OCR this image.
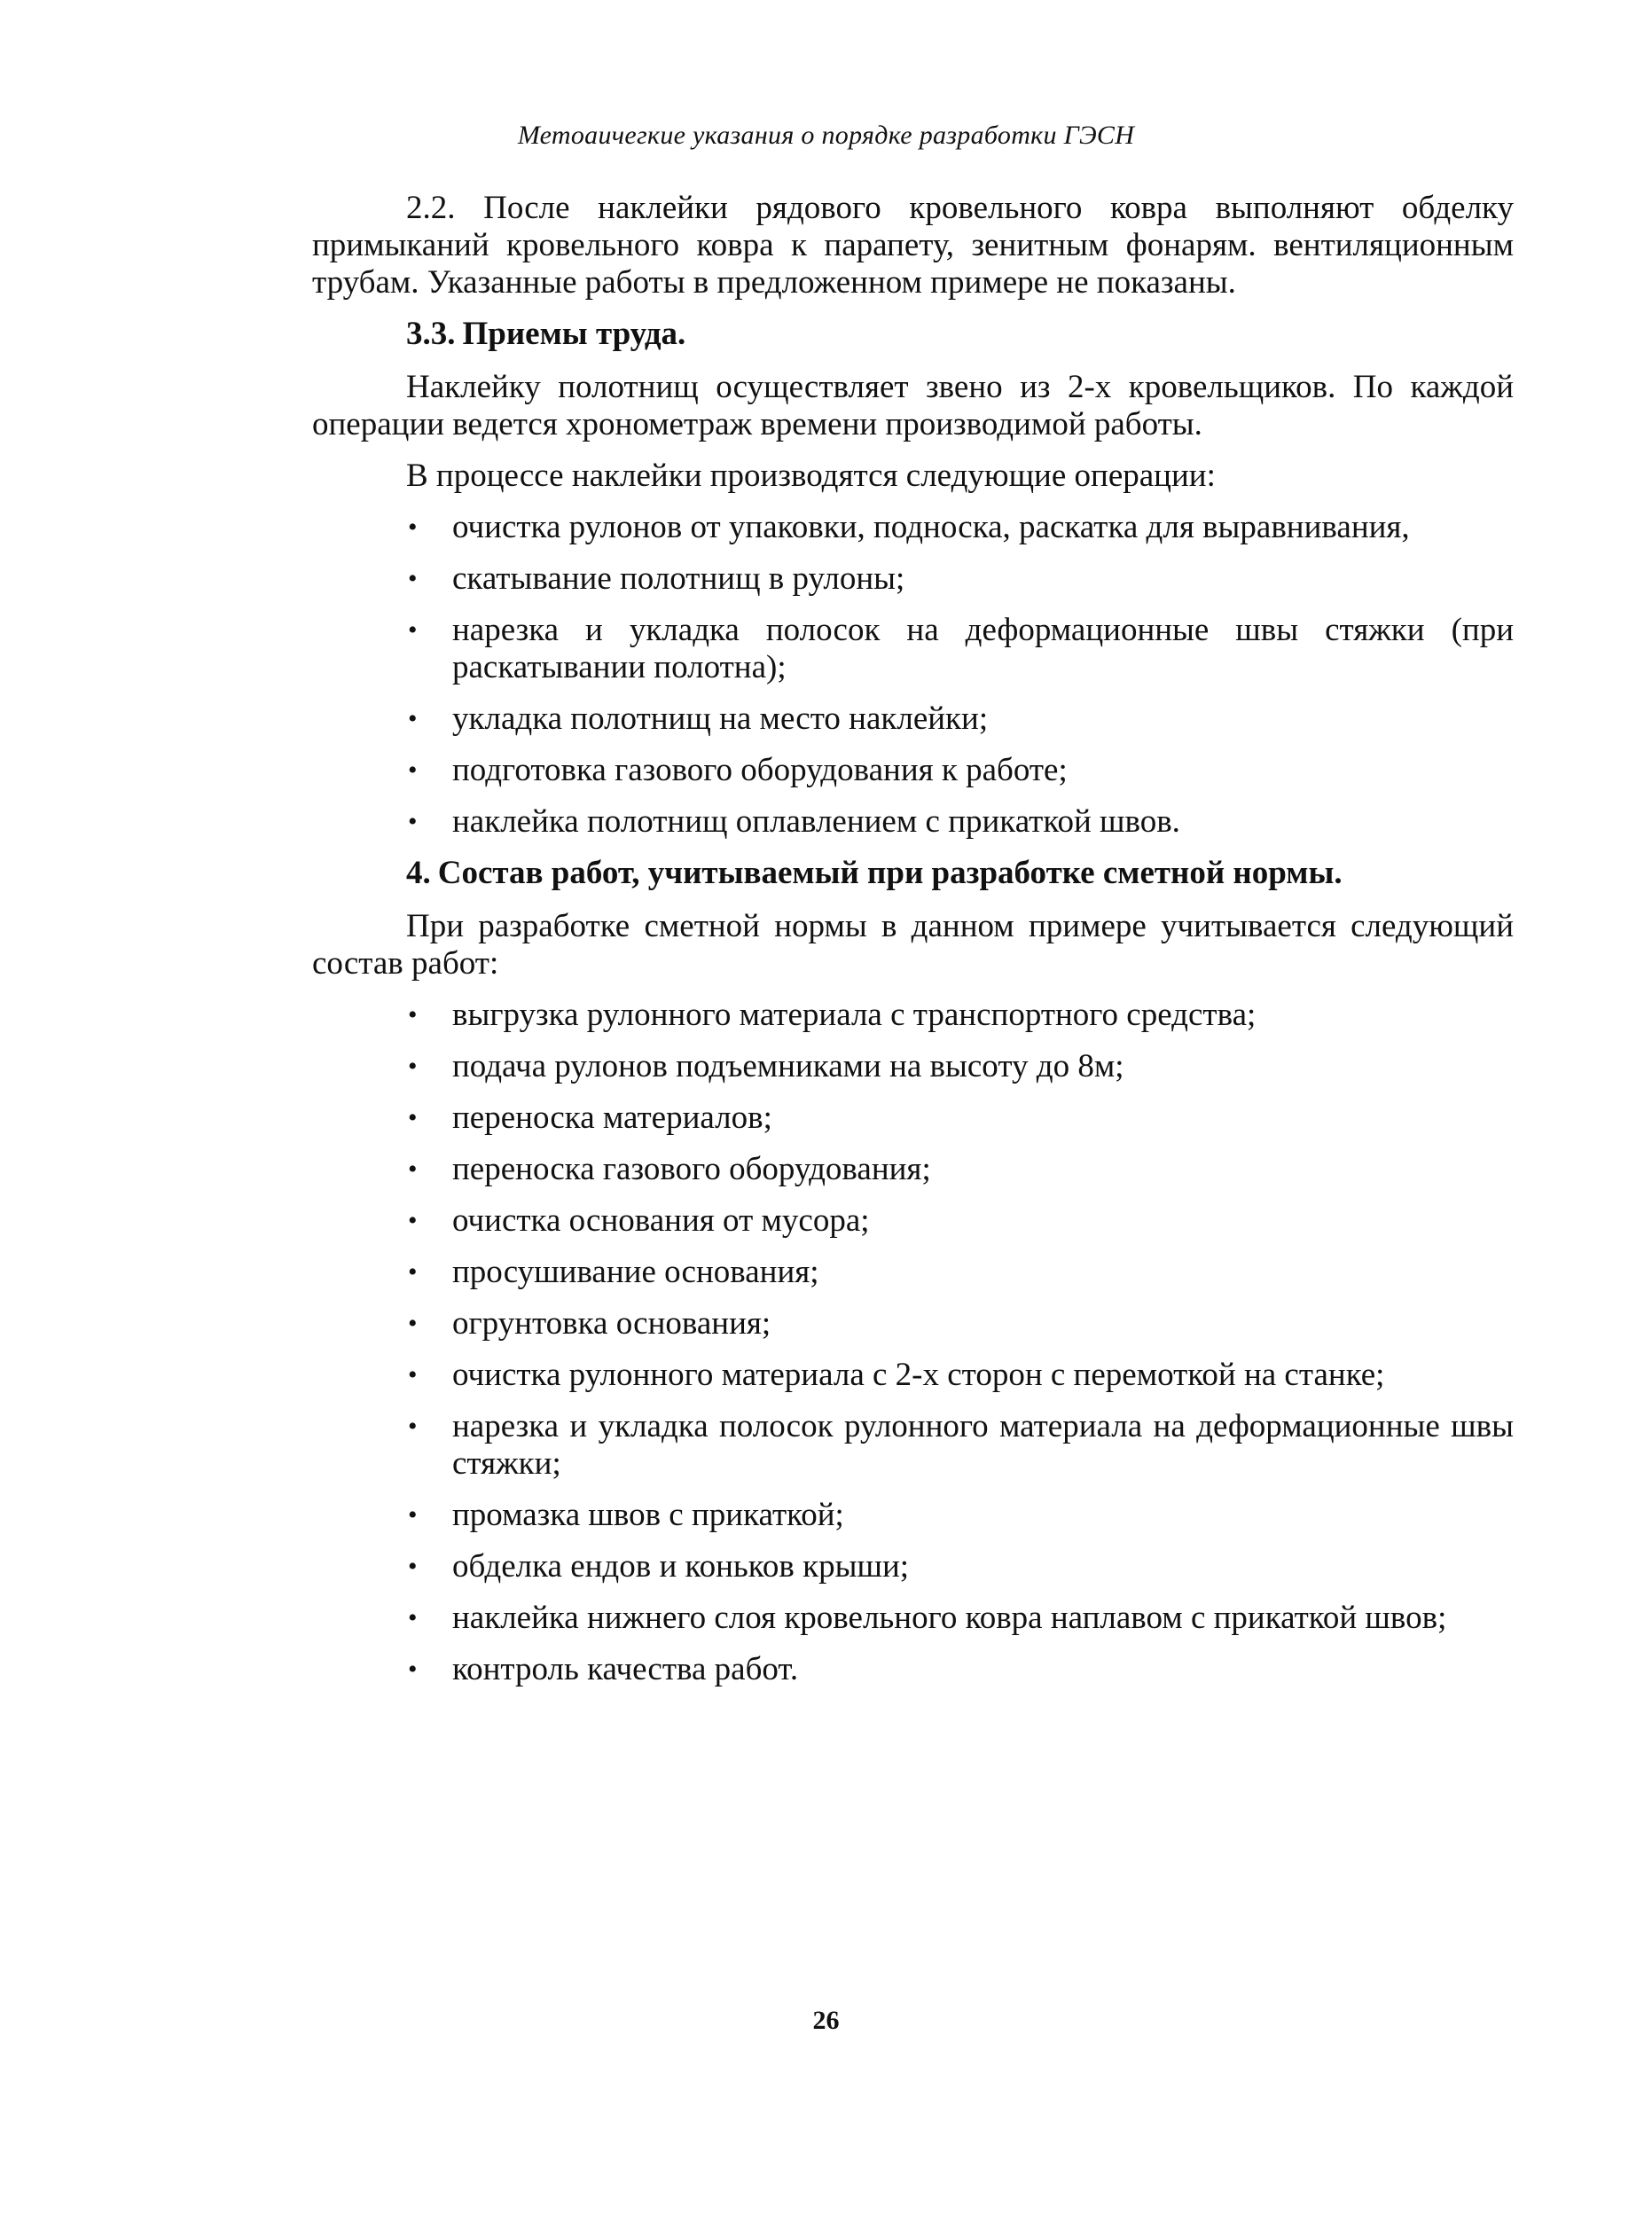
Метоаичегкие указания о порядке разработки ГЭСН

2.2. После наклейки рядового кровельного ковра выполняют обделку примыканий кровельного ковра к парапету, зенитным фонарям. вентиляционным трубам. Указанные работы в предложенном примере не показаны.

3.3. Приемы труда.

Наклейку полотнищ осуществляет звено из 2-х кровельщиков. По каждой операции ведется хронометраж времени производимой работы.

В процессе наклейки производятся следующие операции:

• очистка рулонов от упаковки, подноска, раскатка для выравнивания,
• скатывание полотнищ в рулоны;
• нарезка и укладка полосок на деформационные швы стяжки (при раскатывании полотна);
• укладка полотнищ на место наклейки;
• подготовка газового оборудования к работе;
• наклейка полотнищ оплавлением с прикаткой швов.
4. Состав работ, учитываемый при разработке сметной нормы.

При разработке сметной нормы в данном примере учитывается следующий состав работ:

• выгрузка рулонного материала с транспортного средства;
• подача рулонов подъемниками на высоту до 8м;
• переноска материалов;
• переноска газового оборудования;
• очистка основания от мусора;
• просушивание основания;
• огрунтовка основания;
• очистка рулонного материала с 2-х сторон с перемоткой на станке;
• нарезка и укладка полосок рулонного материала на деформационные швы стяжки;
• промазка швов с прикаткой;
• обделка ендов и коньков крыши;
• наклейка нижнего слоя кровельного ковра наплавом с прикаткой швов;
• контроль качества работ.
26
